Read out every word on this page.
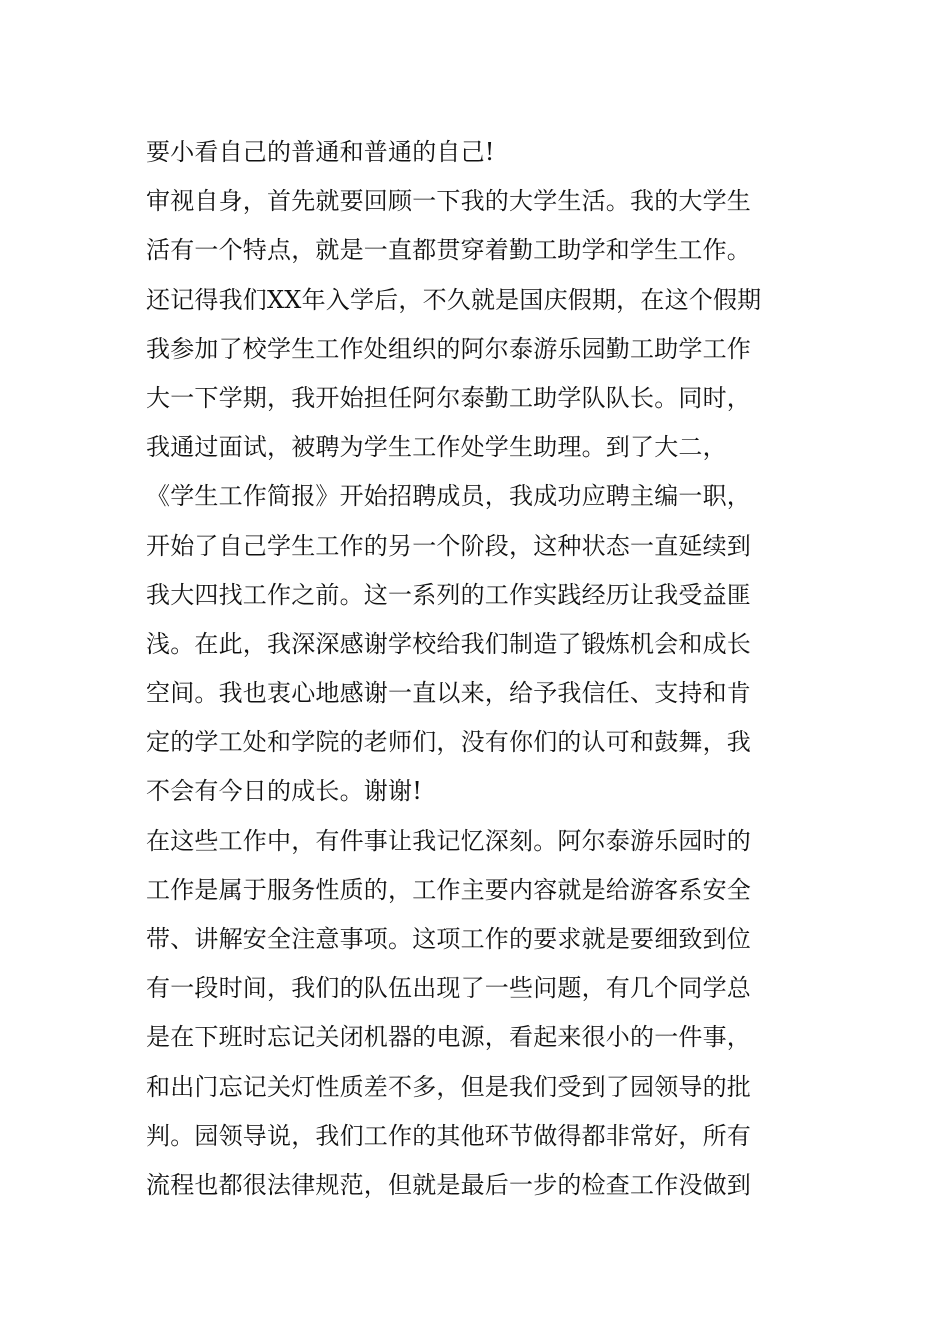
要小看自己的普通和普通的自己!
审视自身，首先就要回顾一下我的大学生活。我的大学生
活有一个特点，就是一直都贯穿着勤工助学和学生工作。
还记得我们XX年入学后，不久就是国庆假期，在这个假期
我参加了校学生工作处组织的阿尔泰游乐园勤工助学工作
大一下学期，我开始担任阿尔泰勤工助学队队长。同时，
我通过面试，被聘为学生工作处学生助理。到了大二，
《学生工作简报》开始招聘成员，我成功应聘主编一职，
开始了自己学生工作的另一个阶段，这种状态一直延续到
我大四找工作之前。这一系列的工作实践经历让我受益匪
浅。在此，我深深感谢学校给我们制造了锻炼机会和成长
空间。我也衷心地感谢一直以来，给予我信任、支持和肯
定的学工处和学院的老师们，没有你们的认可和鼓舞，我
不会有今日的成长。谢谢!
在这些工作中，有件事让我记忆深刻。阿尔泰游乐园时的
工作是属于服务性质的，工作主要内容就是给游客系安全
带、讲解安全注意事项。这项工作的要求就是要细致到位
有一段时间，我们的队伍出现了一些问题，有几个同学总
是在下班时忘记关闭机器的电源，看起来很小的一件事，
和出门忘记关灯性质差不多，但是我们受到了园领导的批
判。园领导说，我们工作的其他环节做得都非常好，所有
流程也都很法律规范，但就是最后一步的检查工作没做到
